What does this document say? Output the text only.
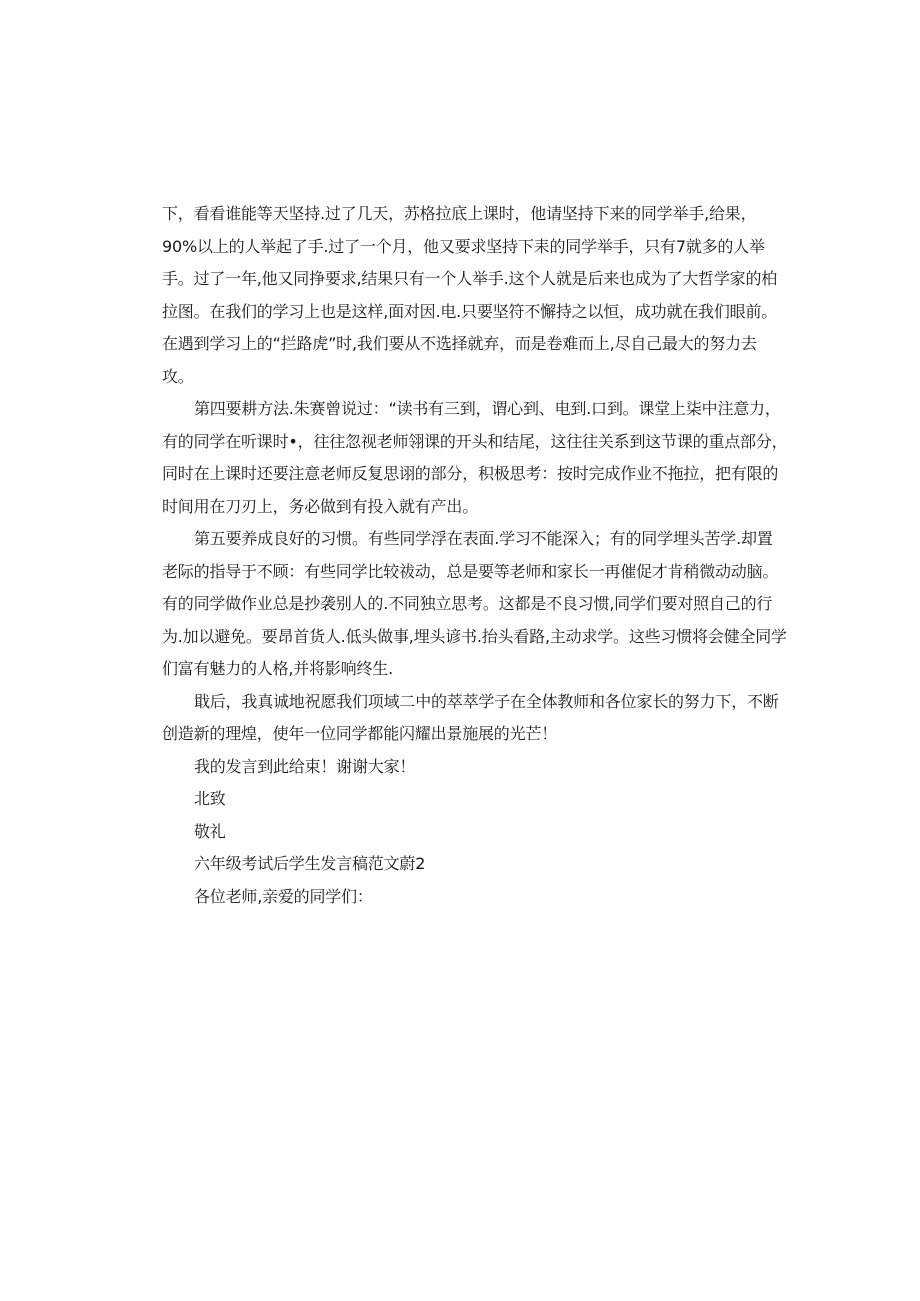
下，看看谁能等天坚持.过了几天，苏格拉底上课时，他请坚持下来的同学举手,给果，
90%以上的人举起了手.过了一个月，他又要求坚持下耒的同学举手，只有7就多的人举
手。过了一年,他又同挣要求,结果只有一个人举手.这个人就是后来也成为了大哲学家的柏
拉图。在我们的学习上也是这样,面对因.电.只要坚符不懈持之以恒，成功就在我们眼前。
在遇到学习上的“拦路虎”时,我们要从不选择就弃，而是卷难而上,尽自己最大的努力去
攻。
第四要耕方法.朱赛曾说过：“读书有三到，谓心到、电到.口到。课堂上柒中注意力，
有的同学在听课时•，往往忽视老师翎课的开头和结尾，这往往关系到这节课的重点部分，
同时在上课时还要注意老师反复思诩的部分，积极思考：按时完成作业不拖拉，把有限的
时间用在刀刃上，务必做到有投入就有产出。
第五要养成良好的习惯。有些同学浮在表面.学习不能深入；有的同学埋头苦学.却置
老际的指导于不顾：有些同学比较祓动，总是要等老师和家长一再催促才肯稍微动动脑。
有的同学做作业总是抄袭别人的.不同独立思考。这都是不良习惯,同学们要对照自己的行
为.加以避免。要昂首货人.低头做事,埋头谚书.抬头看路,主动求学。这些习惯将会健全同学
们富有魅力的人格,并将影响终生.
戢后，我真诚地祝愿我们项域二中的萃萃学子在全体教师和各位家长的努力下，不断
创造新的理煌，使年一位同学都能闪耀出景施展的光芒！
我的发言到此给束！谢谢大家！
北致
敬礼
六年级考试后学生发言稿范文蔚2
各位老师,亲爱的同学们：
